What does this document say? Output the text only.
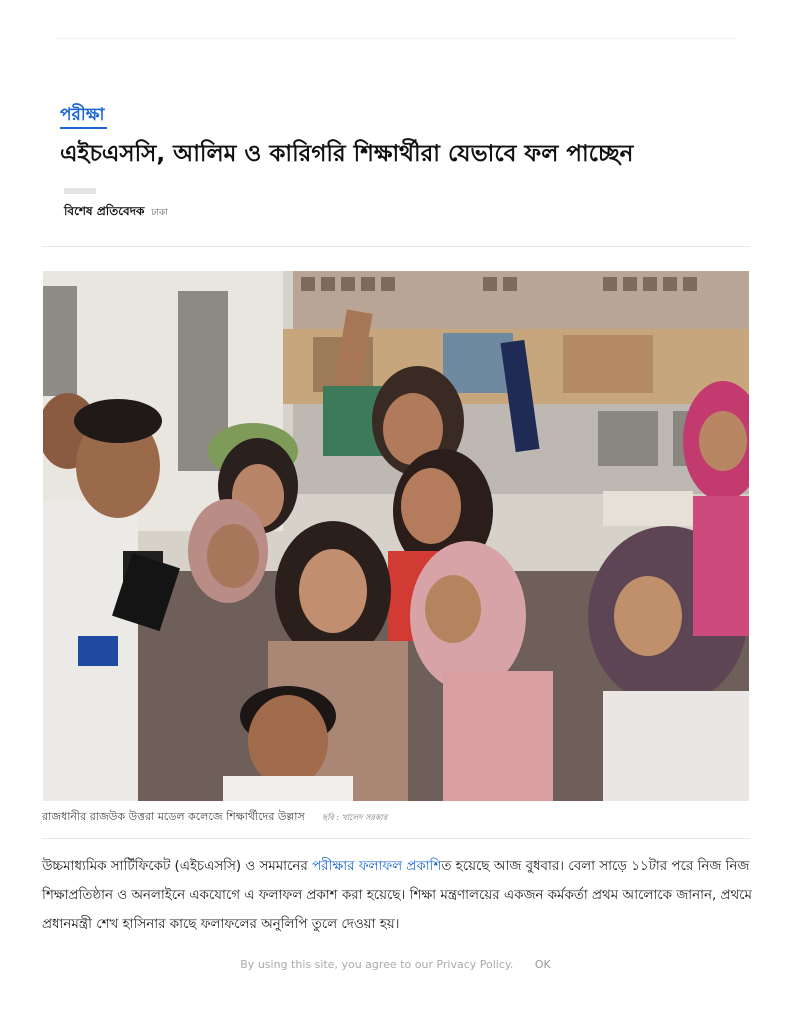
পরীক্ষা
এইচএসসি, আলিম ও কারিগরি শিক্ষার্থীরা যেভাবে ফল পাচ্ছেন
বিশেষ প্রতিবেদক ঢাকা
রাজধানীর রাজউক উত্তরা মডেল কলেজে শিক্ষার্থীদের উল্লাস ছবি : খালেদ সরকার

উচ্চমাধ্যমিক সার্টিফিকেট (এইচএসসি) ও সমমানের পরীক্ষার ফলাফল প্রকাশিত হয়েছে আজ বুধবার। বেলা সাড়ে ১১টার পরে নিজ নিজ শিক্ষাপ্রতিষ্ঠান ও অনলাইনে একযোগে এ ফলাফল প্রকাশ করা হয়েছে। শিক্ষা মন্ত্রণালয়ের একজন কর্মকর্তা প্রথম আলোকে জানান, প্রথমে প্রধানমন্ত্রী শেখ হাসিনার কাছে ফলাফলের অনুলিপি তুলে দেওয়া হয়।

By using this site, you agree to our Privacy Policy. OK
